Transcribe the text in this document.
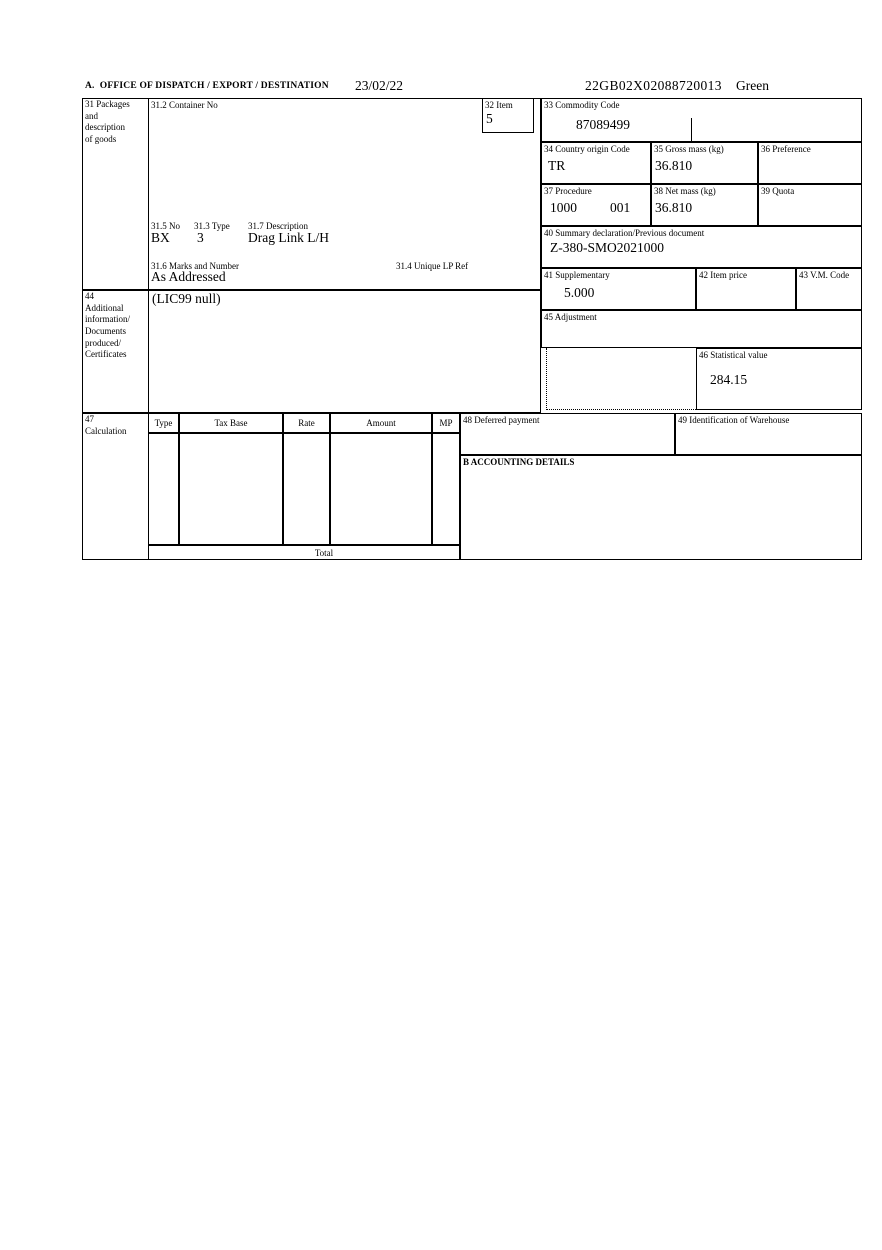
A.  OFFICE OF DISPATCH / EXPORT / DESTINATION 23/02/22	22GB02X02088720013 Green
31 Packages
and
description
of goods
31.2 Container No
31.5 No 31.3 Type 31.7 Description
BX 3	Drag Link L/H
31.6 Marks and Number	31.4 Unique LP Ref
As Addressed
32 Item
5
33 Commodity Code
87089499
34 Country origin Code
TR
35 Gross mass (kg)
36.810
36 Preference
37 Procedure
1000 001
38 Net mass (kg)
36.810
39 Quota
40 Summary declaration/Previous document
Z-380-SMO2021000
41 Supplementary
5.000
42 Item price	43 V.M. Code
44
Additional
information/
Documents
produced/
Certificates
(LIC99 null)
45 Adjustment
46 Statistical value
284.15
47
Calculation
Type	Tax Base	Rate	Amount	MP
Total
48 Deferred payment	49 Identification of Warehouse
B ACCOUNTING DETAILS
